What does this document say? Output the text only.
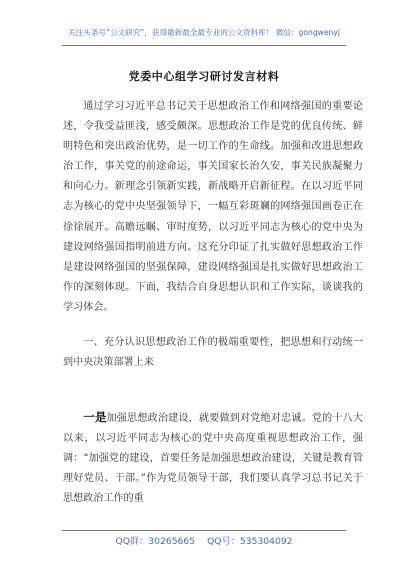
关注头条号“公文研究”，获得最新最全最专业的公文资料库！ 微信：gongwenyj
党委中心组学习研讨发言材料

通过学习习近平总书记关于思想政治工作和网络强国的重要论述，令我受益匪浅，感受颇深。思想政治工作是党的优良传统、鲜明特色和突出政治优势，是一切工作的生命线。加强和改进思想政治工作，事关党的前途命运，事关国家长治久安，事关民族凝聚力和向心力。新理念引领新实践，新战略开启新征程。在以习近平同志为核心的党中央坚强领导下，一幅互彩斑斓的网络强国画卷正在徐徐展开。高瞻远瞩、审时度势，以习近平同志为核心的党中央为建设网络强国指明前进方向。这充分印证了扎实做好思想政治工作是建设网络强国的坚强保障，建设网络强国是扎实做好思想政治工作的深刻体现。下面，我结合自身思想认识和工作实际，谈谈我的学习体会。

一、充分认识思想政治工作的极端重要性，把思想和行动统一到中央决策部署上来

一是加强思想政治建设，就要做到对党绝对忠诚。党的十八大以来，以习近平同志为核心的党中央高度重视思想政治工作，强调：“加强党的建设，首要任务是加强思想政治建设，关键是教育管理好党员、干部。”作为党员领导干部，我们要认真学习总书记关于思想政治工作的重

QQ群：30265665 QQ号：535304092
